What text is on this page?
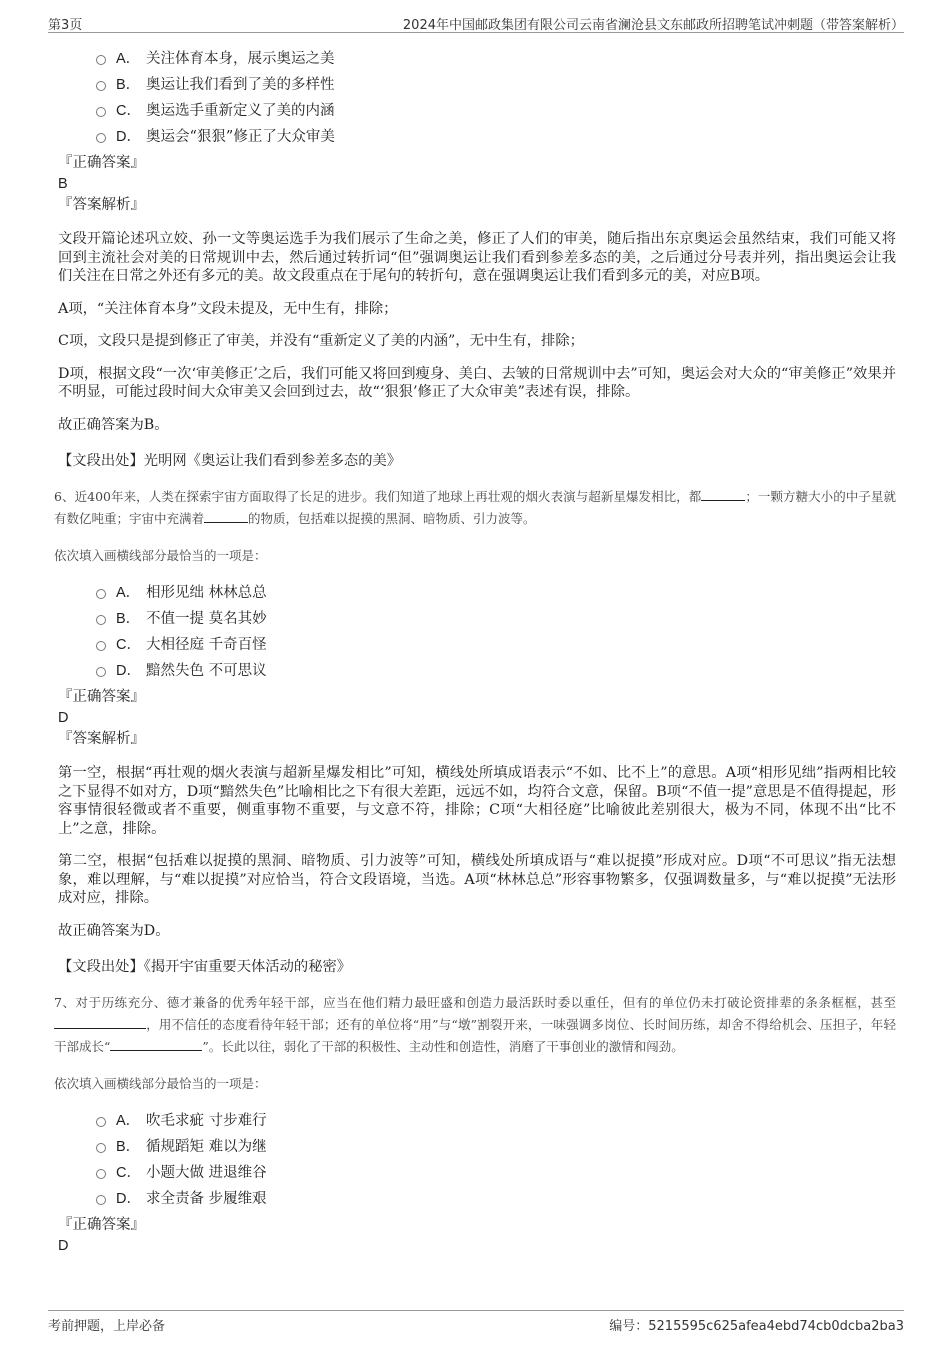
第3页	2024年中国邮政集团有限公司云南省澜沧县文东邮政所招聘笔试冲刺题（带答案解析）
A． 关注体育本身，展示奥运之美
B． 奥运让我们看到了美的多样性
C． 奥运选手重新定义了美的内涵
D． 奥运会“狠狠”修正了大众审美
『正确答案』
B
『答案解析』
文段开篇论述巩立姣、孙一文等奥运选手为我们展示了生命之美，修正了人们的审美，随后指出东京奥运会虽然结束，我们可能又将回到主流社会对美的日常规训中去，然后通过转折词“但”强调奥运让我们看到参差多态的美，之后通过分号表并列，指出奥运会让我们关注在日常之外还有多元的美。故文段重点在于尾句的转折句，意在强调奥运让我们看到多元的美，对应B项。
A项，“关注体育本身”文段未提及，无中生有，排除；
C项，文段只是提到修正了审美，并没有“重新定义了美的内涵”，无中生有，排除；
D项，根据文段“一次‘审美修正’之后，我们可能又将回到瘦身、美白、去皱的日常规训中去”可知，奥运会对大众的“审美修正”效果并不明显，可能过段时间大众审美又会回到过去，故“‘狠狠’修正了大众审美”表述有误，排除。
故正确答案为B。
【文段出处】光明网《奥运让我们看到参差多态的美》
6、近400年来，人类在探索宇宙方面取得了长足的进步。我们知道了地球上再壮观的烟火表演与超新星爆发相比，都	；一颗方糖大小的中子星就有数亿吨重；宇宙中充满着	的物质，包括难以捉摸的黑洞、暗物质、引力波等。
依次填入画横线部分最恰当的一项是：
A． 相形见绌 林林总总
B． 不值一提 莫名其妙
C． 大相径庭 千奇百怪
D． 黯然失色 不可思议
『正确答案』
D
『答案解析』
第一空，根据“再壮观的烟火表演与超新星爆发相比”可知，横线处所填成语表示“不如、比不上”的意思。A项“相形见绌”指两相比较之下显得不如对方，D项“黯然失色”比喻相比之下有很大差距，远远不如，均符合文意，保留。B项“不值一提”意思是不值得提起，形容事情很轻微或者不重要，侧重事物不重要，与文意不符，排除；C项“大相径庭”比喻彼此差别很大，极为不同，体现不出“比不上”之意，排除。
第二空，根据“包括难以捉摸的黑洞、暗物质、引力波等”可知，横线处所填成语与“难以捉摸”形成对应。D项“不可思议”指无法想象，难以理解，与“难以捉摸”对应恰当，符合文段语境，当选。A项“林林总总”形容事物繁多，仅强调数量多，与“难以捉摸”无法形成对应，排除。
故正确答案为D。
【文段出处】《揭开宇宙重要天体活动的秘密》
7、对于历练充分、德才兼备的优秀年轻干部，应当在他们精力最旺盛和创造力最活跃时委以重任，但有的单位仍未打破论资排辈的条条框框，甚至，用不信任的态度看待年轻干部；还有的单位将“用”与“墩”割裂开来，一味强调多岗位、长时间历练，却舍不得给机会、压担子，年轻干部成长“	”。长此以往，弱化了干部的积极性、主动性和创造性，消磨了干事创业的激情和闯劲。
依次填入画横线部分最恰当的一项是：
A． 吹毛求疵 寸步难行
B． 循规蹈矩 难以为继
C． 小题大做 进退维谷
D． 求全责备 步履维艰
『正确答案』
D
考前押题，上岸必备	编号：5215595c625afea4ebd74cb0dcba2ba3
